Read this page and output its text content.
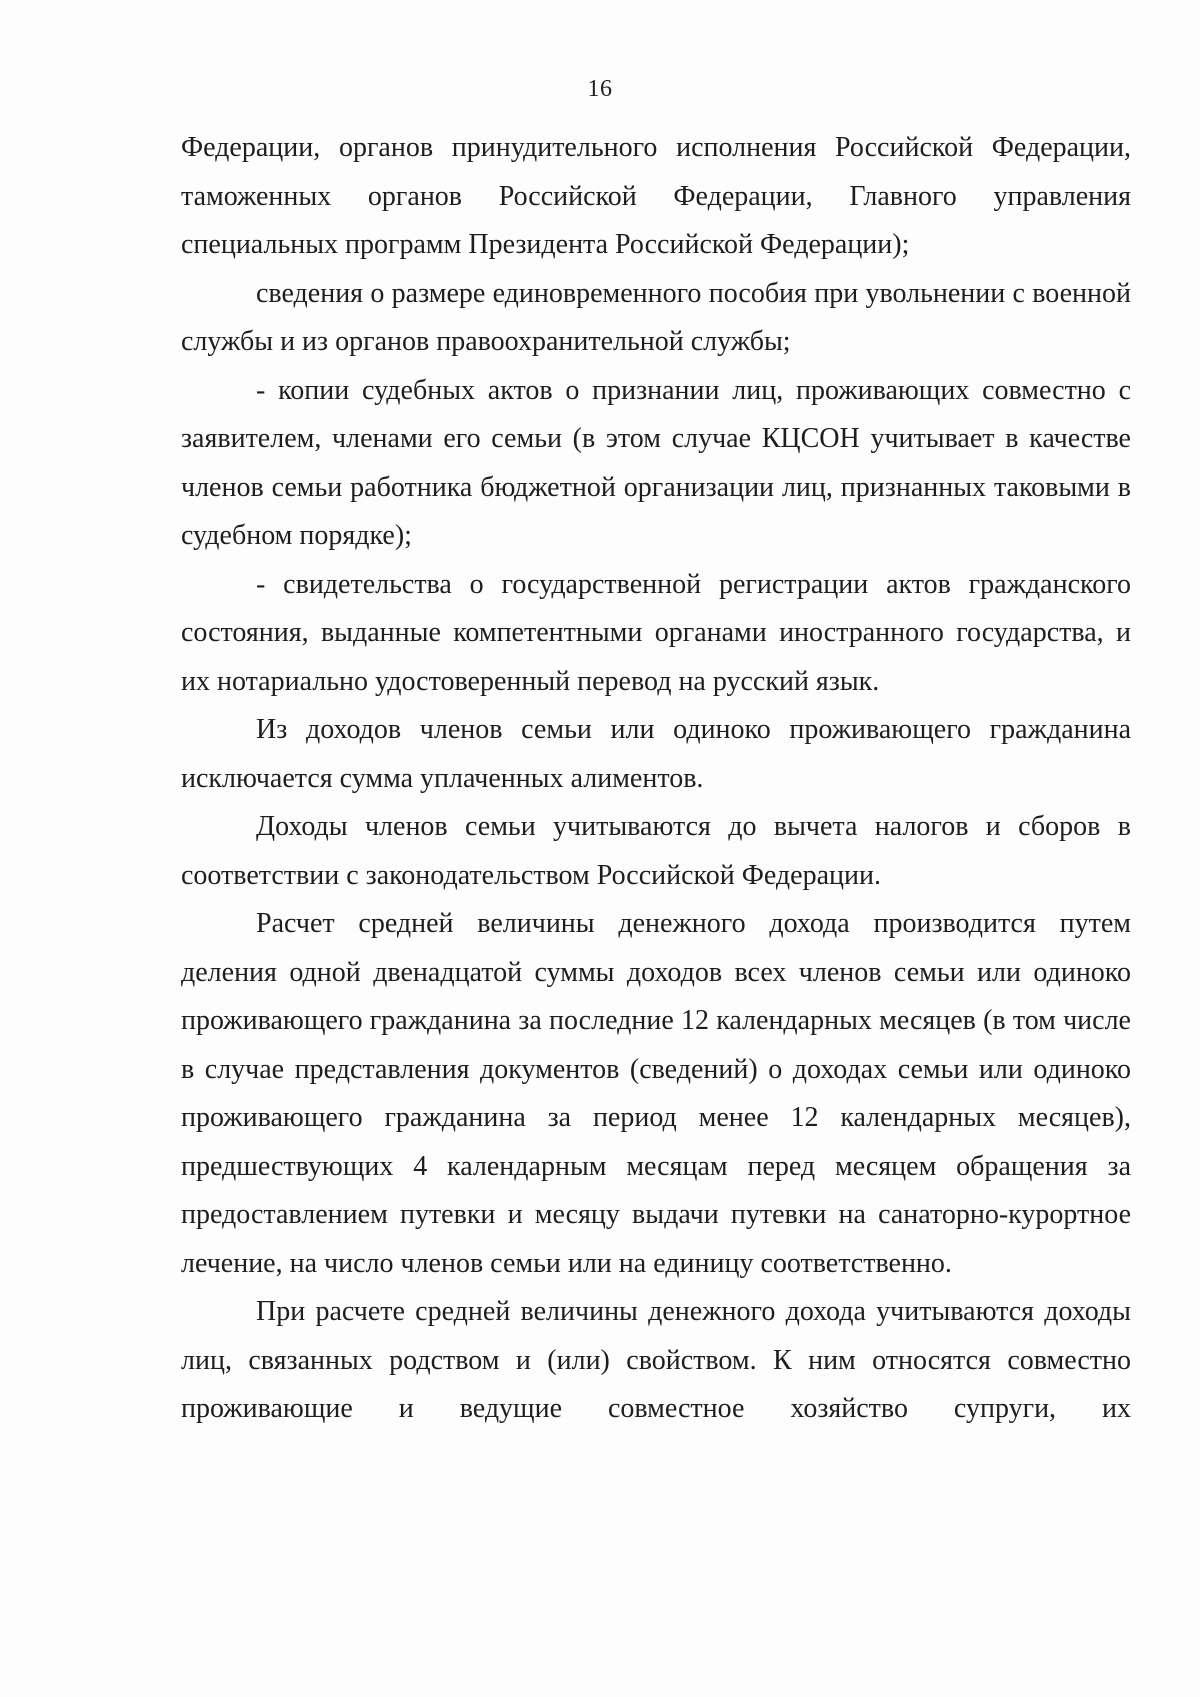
16

Федерации, органов принудительного исполнения Российской Федерации, таможенных органов Российской Федерации, Главного управления специальных программ Президента Российской Федерации);

сведения о размере единовременного пособия при увольнении с военной службы и из органов правоохранительной службы;

- копии судебных актов о признании лиц, проживающих совместно с заявителем, членами его семьи (в этом случае КЦСОН учитывает в качестве членов семьи работника бюджетной организации лиц, признанных таковыми в судебном порядке);

- свидетельства о государственной регистрации актов гражданского состояния, выданные компетентными органами иностранного государства, и их нотариально удостоверенный перевод на русский язык.

Из доходов членов семьи или одиноко проживающего гражданина исключается сумма уплаченных алиментов.

Доходы членов семьи учитываются до вычета налогов и сборов в соответствии с законодательством Российской Федерации.

Расчет средней величины денежного дохода производится путем деления одной двенадцатой суммы доходов всех членов семьи или одиноко проживающего гражданина за последние 12 календарных месяцев (в том числе в случае представления документов (сведений) о доходах семьи или одиноко проживающего гражданина за период менее 12 календарных месяцев), предшествующих 4 календарным месяцам перед месяцем обращения за предоставлением путевки и месяцу выдачи путевки на санаторно-курортное лечение, на число членов семьи или на единицу соответственно.

При расчете средней величины денежного дохода учитываются доходы лиц, связанных родством и (или) свойством. К ним относятся совместно проживающие и ведущие совместное хозяйство супруги, их
